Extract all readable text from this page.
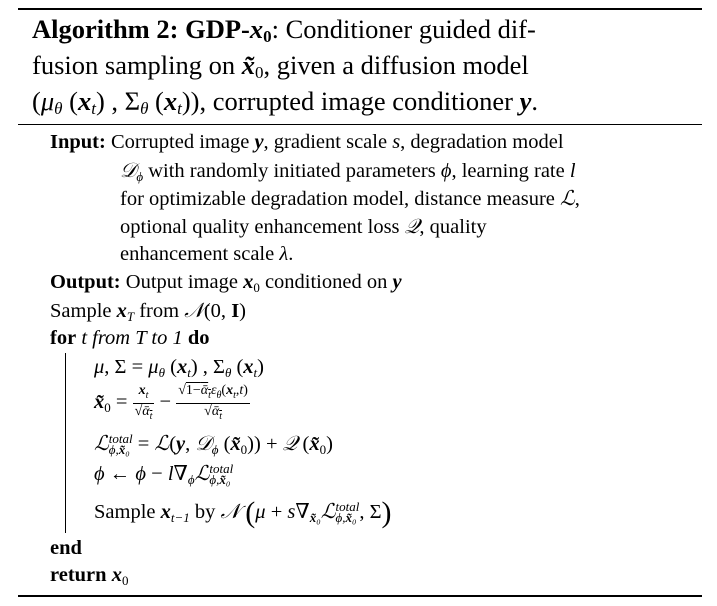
Algorithm 2: GDP-x0: Conditioner guided dif-
fusion sampling on x̃0, given a diffusion model
(μθ (xt) , Σθ (xt)), corrupted image conditioner y.
Input: Corrupted image y, gradient scale s, degradation model
𝒟$_\phi$ with randomly initiated parameters ϕ, learning rate l
for optimizable degradation model, distance measure ℒ,
optional quality enhancement loss 𝒬, quality
enhancement scale λ.
Output: Output image $x_0$ conditioned on y
Sample $x_T$ from 𝒩(0, I)
for t from T to 1 do
μ, $\Sigma = \mu_\theta$ $(x_t)$ , $\Sigma_\theta$ $(x_t)$
$x̃_0 = \frac{x_t}{√ᾱ_t} - \frac{√1-ᾱ_t\varepsilon_\theta(x_t,t)}{√ᾱ_t}$
ℒ total
ϕ,x̃₀ = ℒ(y, 𝒟$_\phi$ $(x̃_0)$) + 𝒬 $(x̃_0)$
ϕ ← $\phi - l\nabla_\phi ℒ$ total
ϕ,x̃₀
Sample $x_{t-1}$ by 𝒩 ($\mu + s\nabla_{x̃_0}ℒ$ total
ϕ,x̃₀ , Σ)
end
return $x_0$
